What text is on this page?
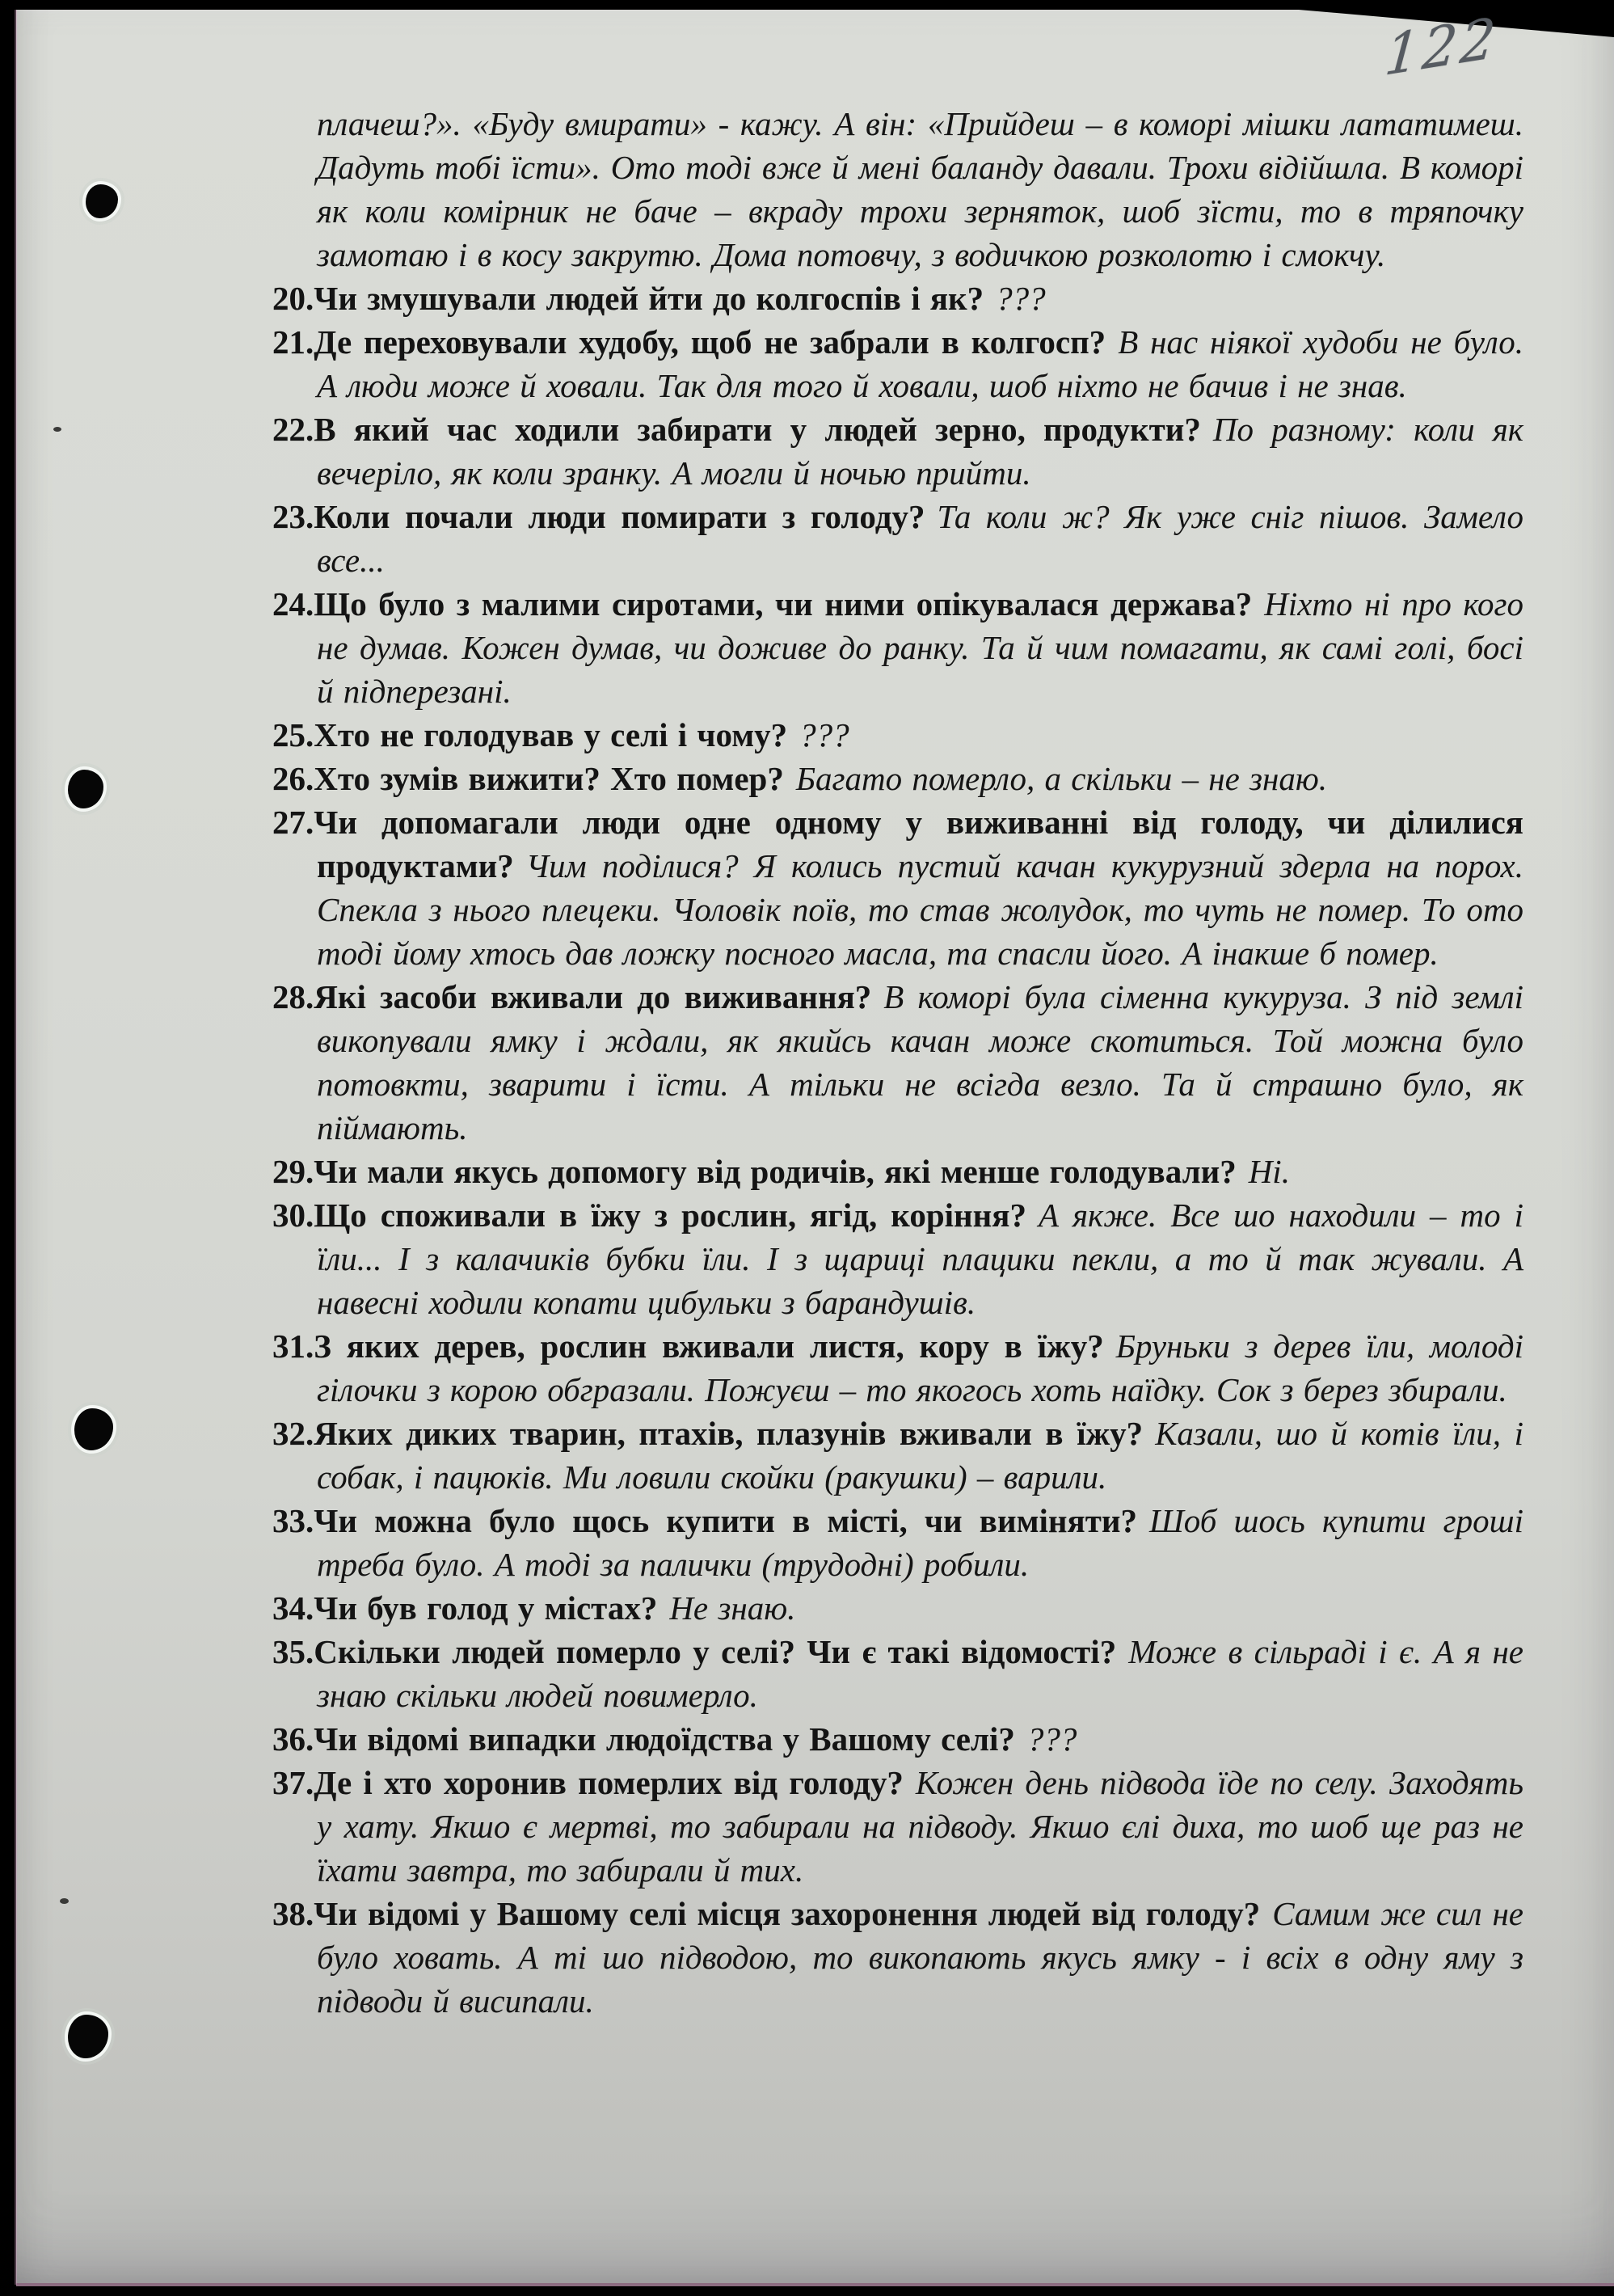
122

плачеш?». «Буду вмирати» - кажу. А він: «Прийдеш – в коморі мішки лататимеш. Дадуть тобі їсти». Ото тоді вже й мені баланду давали. Трохи відійшла. В коморі як коли комірник не баче – вкраду трохи зерняток, шоб зїсти, то в тряпочку замотаю і в косу закрутю. Дома потовчу, з водичкою розколотю і смокчу.

20.Чи змушували людей йти до колгоспів і як? ???
21.Де переховували худобу, щоб не забрали в колгосп? В нас ніякої худоби не було. А люди може й ховали. Так для того й ховали, шоб ніхто не бачив і не знав.
22.В який час ходили забирати у людей зерно, продукти? По разному: коли як вечеріло, як коли зранку. А могли й ночью прийти.
23.Коли почали люди помирати з голоду? Та коли ж? Як уже сніг пішов. Замело все...
24.Що було з малими сиротами, чи ними опікувалася держава? Ніхто ні про кого не думав. Кожен думав, чи доживе до ранку. Та й чим помагати, як самі голі, босі й підперезані.
25.Хто не голодував у селі і чому? ???
26.Хто зумів вижити? Хто помер? Багато померло, а скільки – не знаю.
27.Чи допомагали люди одне одному у виживанні від голоду, чи ділилися продуктами? Чим поділися? Я колись пустий качан кукурузний здерла на порох. Спекла з нього плецеки. Чоловік поїв, то став жолудок, то чуть не помер. То ото тоді йому хтось дав ложку посного масла, та спасли його. А інакше б помер.
28.Які засоби вживали до виживання? В коморі була сіменна кукуруза. З під землі викопували ямку і ждали, як якийсь качан може скотиться. Той можна було потовкти, зварити і їсти. А тільки не всігда везло. Та й страшно було, як піймають.
29.Чи мали якусь допомогу від родичів, які менше голодували? Ні.
30.Що споживали в їжу з рослин, ягід, коріння? А якже. Все шо находили – то і їли... І з калачиків бубки їли. І з щариці плацики пекли, а то й так жували. А навесні ходили копати цибульки з барандушів.
31.З яких дерев, рослин вживали листя, кору в їжу? Бруньки з дерев їли, молоді гілочки з корою обгразали. Пожуєш – то якогось хоть наїдку. Сок з берез збирали.
32.Яких диких тварин, птахів, плазунів вживали в їжу? Казали, шо й котів їли, і собак, і пацюків. Ми ловили скойки (ракушки) – варили.
33.Чи можна було щось купити в місті, чи виміняти? Шоб шось купити гроші треба було. А тоді за палички (трудодні) робили.
34.Чи був голод у містах? Не знаю.
35.Скільки людей померло у селі? Чи є такі відомості? Може в сільраді і є. А я не знаю скільки людей повимерло.
36.Чи відомі випадки людоїдства у Вашому селі? ???
37.Де і хто хоронив померлих від голоду? Кожен день підвода їде по селу. Заходять у хату. Якшо є мертві, то забирали на підводу. Якшо єлі диха, то шоб ще раз не їхати завтра, то забирали й тих.
38.Чи відомі у Вашому селі місця захоронення людей від голоду? Самим же сил не було ховать. А ті шо підводою, то викопають якусь ямку - і всіх в одну яму з підводи й висипали.
